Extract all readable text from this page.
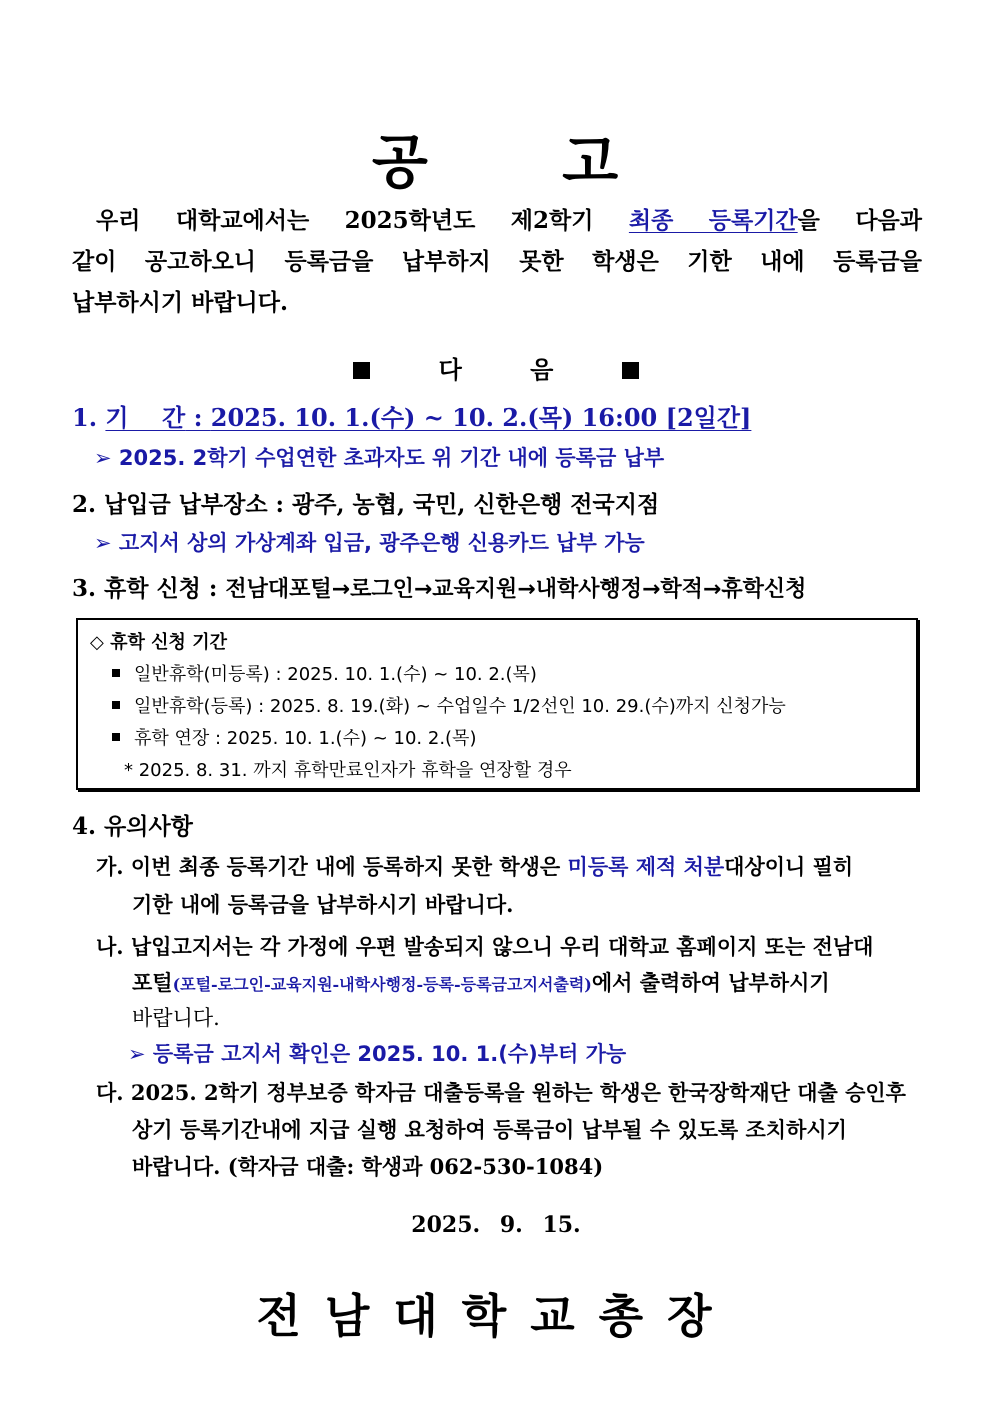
공 고
우리 대학교에서는 2025학년도 제2학기 최종 등록기간을 다음과
같이 공고하오니 등록금을 납부하지 못한 학생은 기한 내에 등록금을
납부하시기 바랍니다.
다 음
1. 기    간 : 2025. 10. 1.(수) ~ 10. 2.(목) 16:00 [2일간]
➢ 2025. 2학기 수업연한 초과자도 위 기간 내에 등록금 납부
2. 납입금 납부장소 : 광주, 농협, 국민, 신한은행 전국지점
➢ 고지서 상의 가상계좌 입금, 광주은행 신용카드 납부 가능
3. 휴학 신청 : 전남대포털→로그인→교육지원→내학사행정→학적→휴학신청
◇ 휴학 신청 기간
일반휴학(미등록) : 2025. 10. 1.(수) ~ 10. 2.(목)
일반휴학(등록) : 2025. 8. 19.(화) ~ 수업일수 1/2선인 10. 29.(수)까지 신청가능
휴학 연장 : 2025. 10. 1.(수) ~ 10. 2.(목)
* 2025. 8. 31. 까지 휴학만료인자가 휴학을 연장할 경우
4. 유의사항
가. 이번 최종 등록기간 내에 등록하지 못한 학생은 미등록 제적 처분대상이니 필히
기한 내에 등록금을 납부하시기 바랍니다.
나. 납입고지서는 각 가정에 우편 발송되지 않으니 우리 대학교 홈페이지 또는 전남대
포털(포털-로그인-교육지원-내학사행정-등록-등록금고지서출력)에서 출력하여 납부하시기
바랍니다.
➢ 등록금 고지서 확인은 2025. 10. 1.(수)부터 가능
다. 2025. 2학기 정부보증 학자금 대출등록을 원하는 학생은 한국장학재단 대출 승인후
상기 등록기간내에 지급 실행 요청하여 등록금이 납부될 수 있도록 조치하시기
바랍니다. (학자금 대출: 학생과 062-530-1084)
2025. 9. 15.
전남대학교총장
